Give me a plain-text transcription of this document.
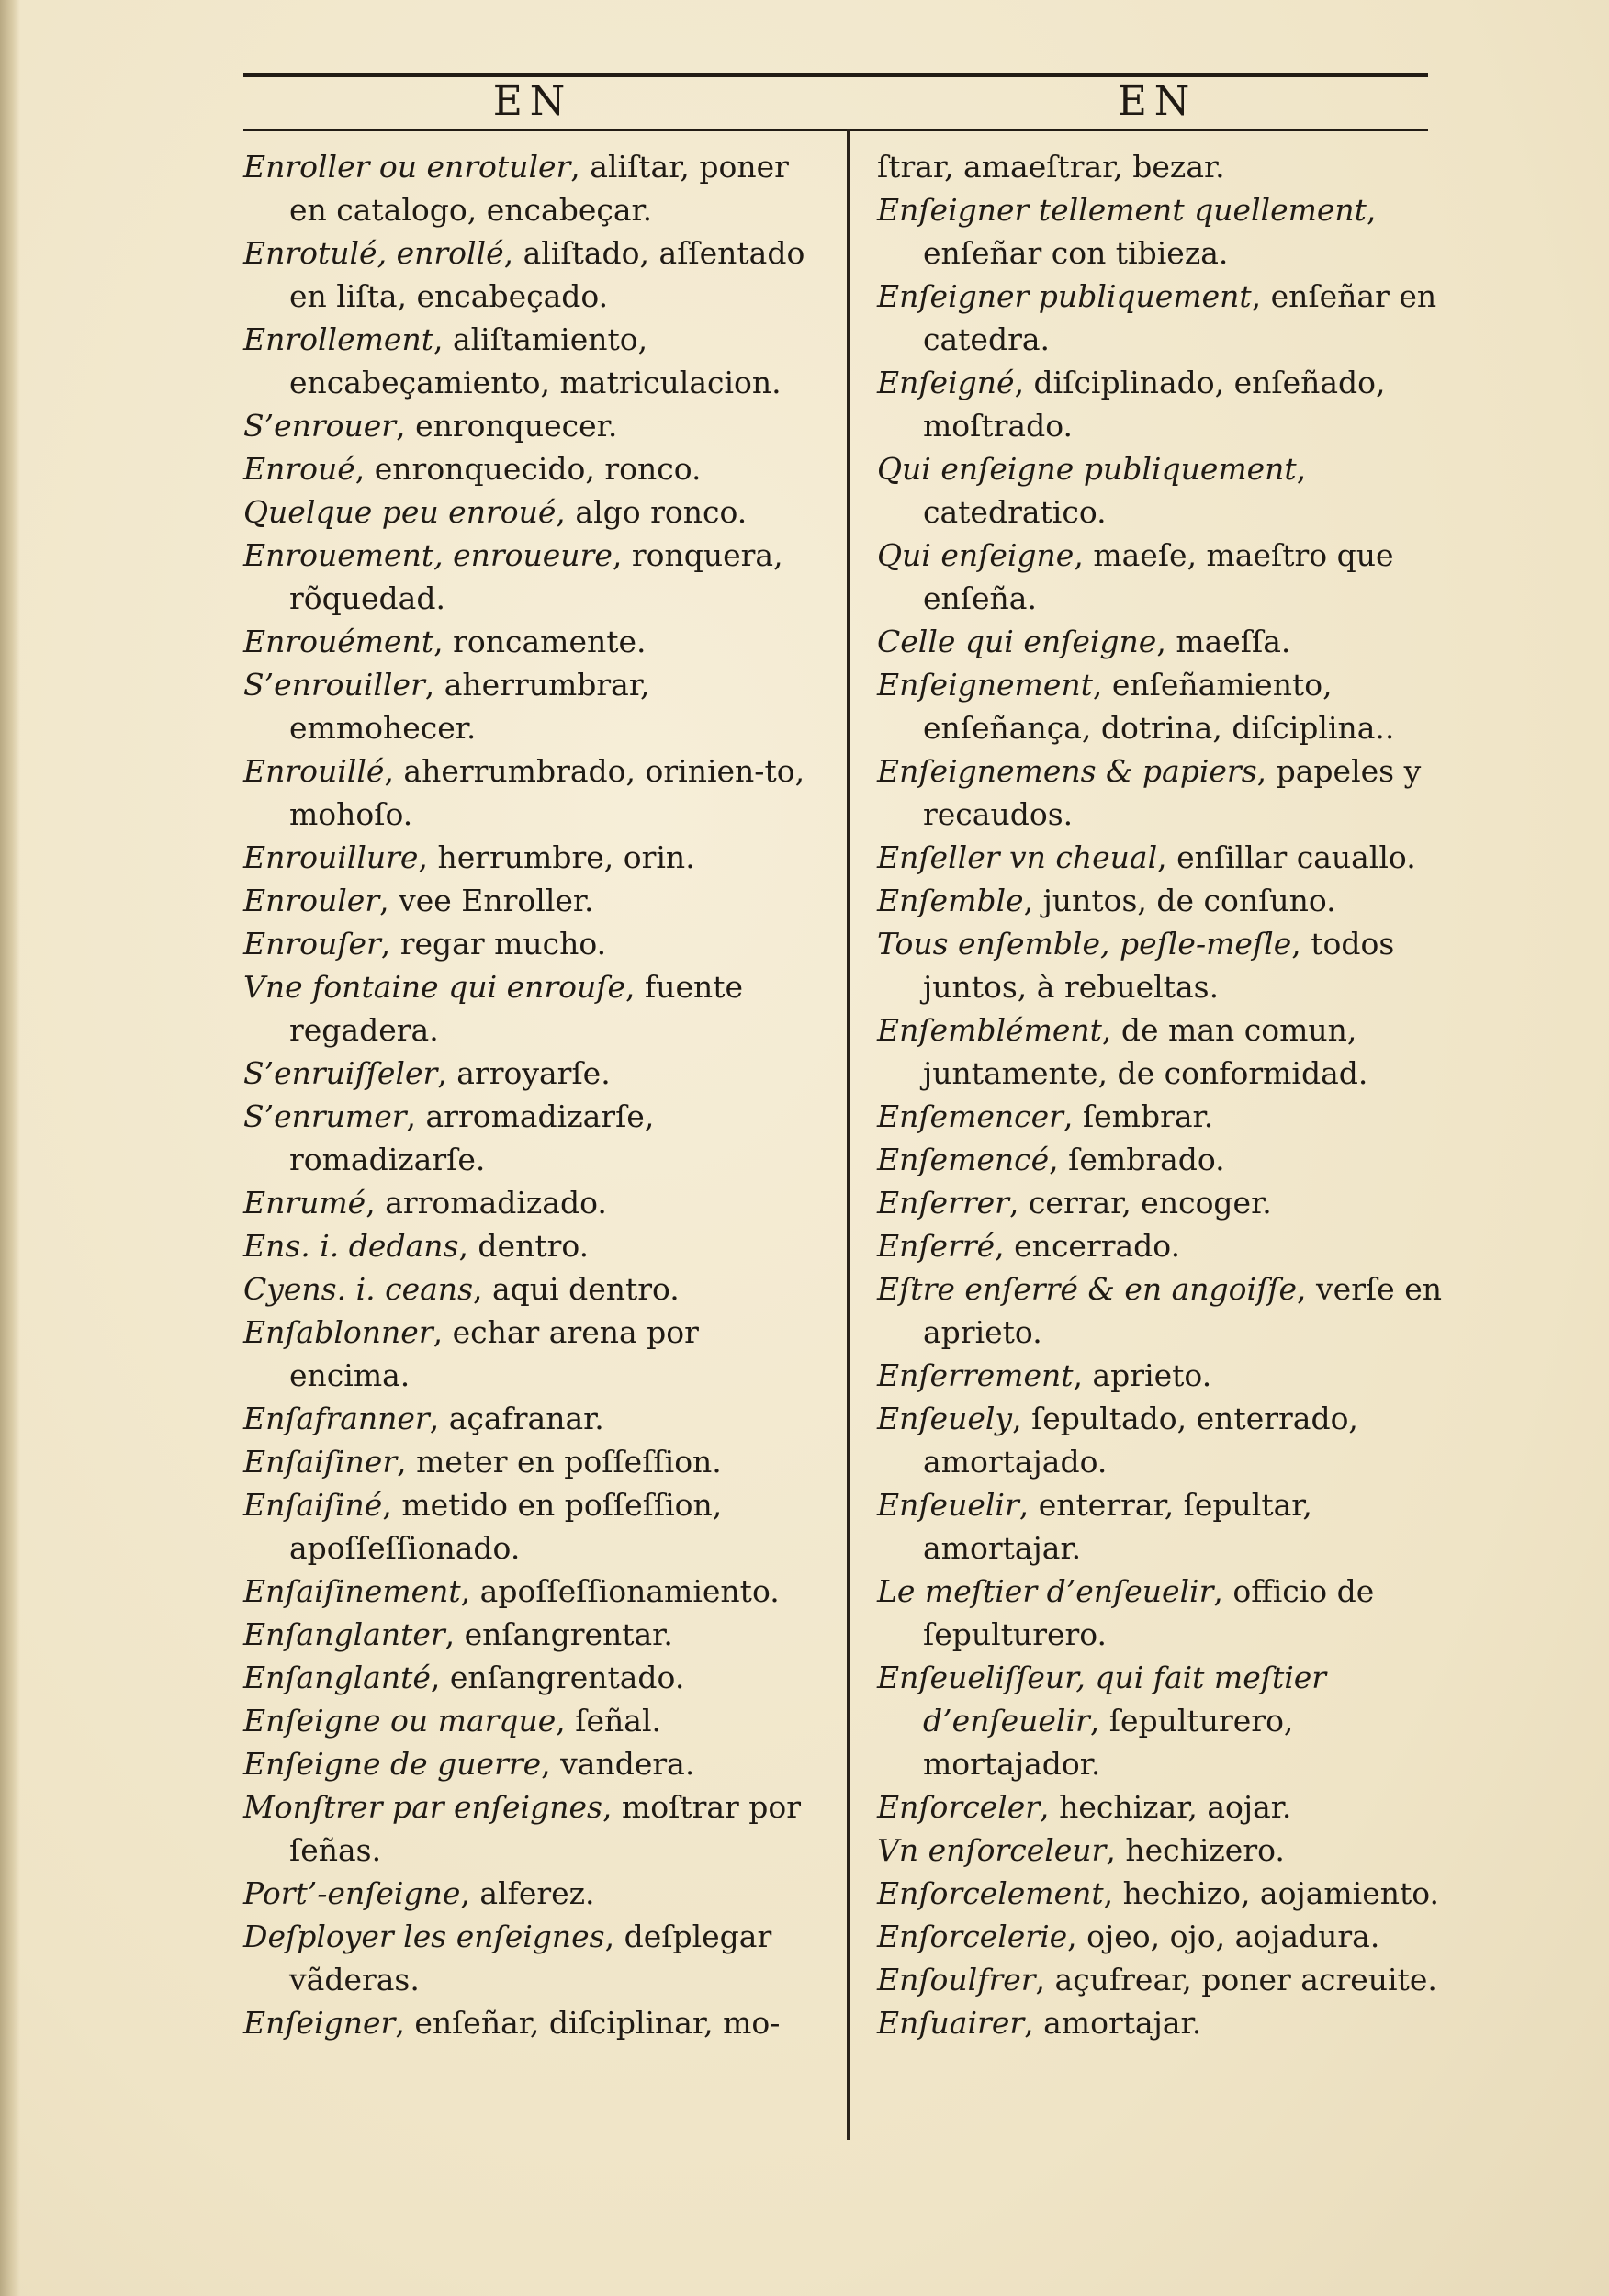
EN	EN
Enroller ou enrotuler, aliſtar, poner en catalogo, encabeçar.
Enrotulé, enrollé, aliſtado, aſſentado en liſta, encabeçado.
Enrollement, aliſtamiento, encabeçamiento, matriculacion.
S’enrouer, enronquecer.
Enroué, enronquecido, ronco.
Quelque peu enroué, algo ronco.
Enrouement, enroueure, ronquera, rõquedad.
Enrouément, roncamente.
S’enrouiller, aherrumbrar, emmohecer.
Enrouillé, aherrumbrado, orinien-to, mohoſo.
Enrouillure, herrumbre, orin.
Enrouler, vee Enroller.
Enrouſer, regar mucho.
Vne fontaine qui enrouſe, fuente regadera.
S’enruiſſeler, arroyarſe.
S’enrumer, arromadizarſe, romadizarſe.
Enrumé, arromadizado.
Ens. i. dedans, dentro.
Cyens. i. ceans, aqui dentro.
Enſablonner, echar arena por encima.
Enſafranner, açafranar.
Enſaiſiner, meter en poſſeſſion.
Enſaiſiné, metido en poſſeſſion, apoſſeſſionado.
Enſaiſinement, apoſſeſſionamiento.
Enſanglanter, enſangrentar.
Enſanglanté, enſangrentado.
Enſeigne ou marque, ſeñal.
Enſeigne de guerre, vandera.
Monſtrer par enſeignes, moſtrar por ſeñas.
Port’-enſeigne, alferez.
Deſployer les enſeignes, deſplegar vãderas.
Enſeigner, enſeñar, diſciplinar, mo-
ſtrar, amaeſtrar, bezar.
Enſeigner tellement quellement, enſeñar con tibieza.
Enſeigner publiquement, enſeñar en catedra.
Enſeigné, diſciplinado, enſeñado, moſtrado.
Qui enſeigne publiquement, catedratico.
Qui enſeigne, maeſe, maeſtro que enſeña.
Celle qui enſeigne, maeſſa.
Enſeignement, enſeñamiento, enſeñança, dotrina, diſciplina..
Enſeignemens & papiers, papeles y recaudos.
Enſeller vn cheual, enſillar cauallo.
Enſemble, juntos, de conſuno.
Tous enſemble, peſle-meſle, todos juntos, à rebueltas.
Enſemblément, de man comun, juntamente, de conformidad.
Enſemencer, ſembrar.
Enſemencé, ſembrado.
Enſerrer, cerrar, encoger.
Enſerré, encerrado.
Eſtre enſerré & en angoiſſe, verſe en aprieto.
Enſerrement, aprieto.
Enſeuely, ſepultado, enterrado, amortajado.
Enſeuelir, enterrar, ſepultar, amortajar.
Le meſtier d’enſeuelir, officio de ſepulturero.
Enſeueliſſeur, qui fait meſtier d’enſeuelir, ſepulturero, mortajador.
Enſorceler, hechizar, aojar.
Vn enſorceleur, hechizero.
Enſorcelement, hechizo, aojamiento.
Enſorcelerie, ojeo, ojo, aojadura.
Enſoulfrer, açufrear, poner acreuite.
Enſuairer, amortajar.
